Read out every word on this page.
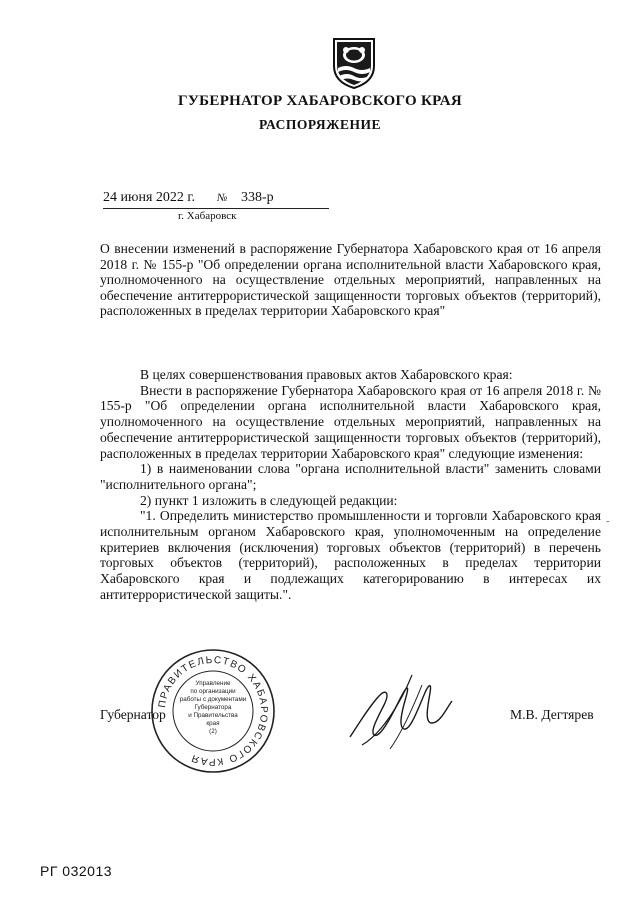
ГУБЕРНАТОР ХАБАРОВСКОГО КРАЯ
РАСПОРЯЖЕНИЕ
24 июня 2022 г. № 338-р
г. Хабаровск
О внесении изменений в распоряжение Губернатора Хабаровского края от 16 апреля 2018 г. № 155-р "Об определении органа исполнительной власти Хабаровского края, уполномоченного на осуществление отдельных мероприятий, направленных на обеспечение антитеррористической защищенности торговых объектов (территорий), расположенных в пределах территории Хабаровского края"

В целях совершенствования правовых актов Хабаровского края:

Внести в распоряжение Губернатора Хабаровского края от 16 апреля 2018 г. № 155-р "Об определении органа исполнительной власти Хабаровского края, уполномоченного на осуществление отдельных мероприятий, направленных на обеспечение антитеррористической защищенности торговых объектов (территорий), расположенных в пределах территории Хабаровского края" следующие изменения:

1) в наименовании слова "органа исполнительной власти" заменить словами "исполнительного органа";

2) пункт 1 изложить в следующей редакции:

"1. Определить министерство промышленности и торговли Хабаровского края исполнительным органом Хабаровского края, уполномоченным на определение критериев включения (исключения) торговых объектов (территорий) в перечень торговых объектов (территорий), расположенных в пределах территории Хабаровского края и подлежащих категорированию в интересах их антитеррористической защиты.".

-
Губернатор	М.В. Дегтярев
ПРАВИТЕЛЬСТВО ХАБАРОВСКОГО КРАЯ
Управление
по организации
работы с документами
Губернатора
и Правительства
края
(2)
РГ 032013
